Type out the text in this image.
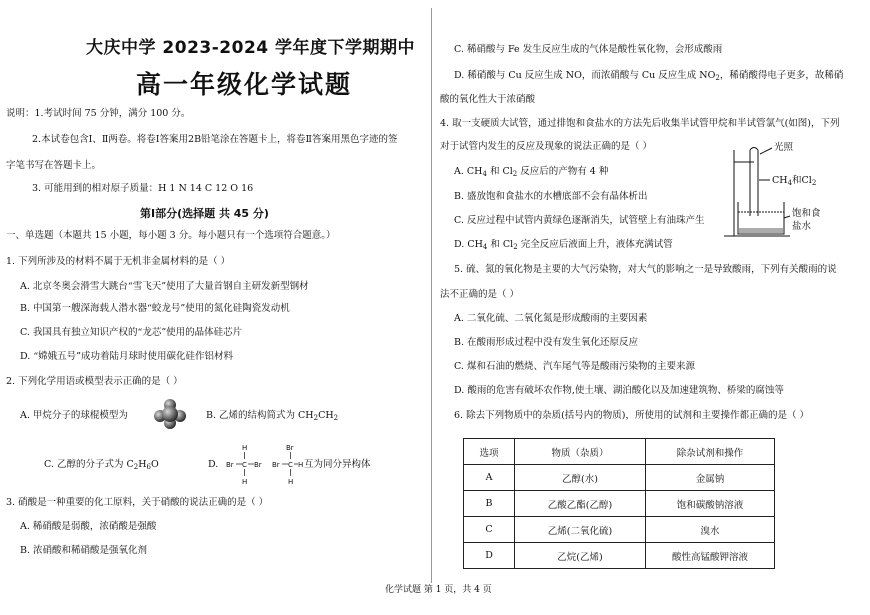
大庆中学 2023-2024 学年度下学期期中
高一年级化学试题
说明：1.考试时间 75 分钟，满分 100 分。
2.本试卷包含Ⅰ、Ⅱ两卷。将卷Ⅰ答案用2B铅笔涂在答题卡上，将卷Ⅱ答案用黑色字迹的签
字笔书写在答题卡上。
3. 可能用到的相对原子质量：H 1 N 14 C 12 O 16
第Ⅰ部分(选择题 共 45 分)
一、单选题（本题共 15 小题，每小题 3 分。每小题只有一个选项符合题意。）
1. 下列所涉及的材料不属于无机非金属材料的是（ ）
A. 北京冬奥会滑雪大跳台“雪飞天”使用了大量首钢自主研发新型钢材
B. 中国第一艘深海载人潜水器“蛟龙号”使用的氮化硅陶瓷发动机
C. 我国具有独立知识产权的“龙芯”使用的晶体硅芯片
D. “嫦娥五号”成功着陆月球时使用碳化硅作铝材料
2. 下列化学用语或模型表示正确的是（ ）
A. 甲烷分子的球棍模型为	B. 乙烯的结构简式为 $CH_2CH_2$
C. 乙醇的分子式为 $C_2H_6O$	D. Br C Br
H
H
Br C H
Br
H
互为同分异构体
3. 硝酸是一种重要的化工原料，关于硝酸的说法正确的是（ ）
A. 稀硝酸是弱酸，浓硝酸是强酸
B. 浓硝酸和稀硝酸是强氧化剂
C. 稀硝酸与 Fe 发生反应生成的气体是酸性氧化物，会形成酸雨
D. 稀硝酸与 Cu 反应生成 NO，而浓硝酸与 Cu 反应生成 $NO_2$，稀硝酸得电子更多，故稀硝
酸的氧化性大于浓硝酸
4. 取一支硬质大试管，通过排饱和食盐水的方法先后收集半试管甲烷和半试管氯气(如图)，下列
对于试管内发生的反应及现象的说法正确的是（ ）
A. $CH_4$ 和 $Cl_2$ 反应后的产物有 4 种
B. 盛放饱和食盐水的水槽底部不会有晶体析出
C. 反应过程中试管内黄绿色逐渐消失，试管壁上有油珠产生
D. $CH_4$ 和 $Cl_2$ 完全反应后液面上升，液体充满试管
光照
$CH_4$和$Cl_2$
饱和食
盐水
5. 硫、氮的氧化物是主要的大气污染物，对大气的影响之一是导致酸雨，下列有关酸雨的说
法不正确的是（ ）
A. 二氧化硫、二氧化氮是形成酸雨的主要因素
B. 在酸雨形成过程中没有发生氧化还原反应
C. 煤和石油的燃烧、汽车尾气等是酸雨污染物的主要来源
D. 酸雨的危害有破坏农作物,使土壤、湖泊酸化以及加速建筑物、桥梁的腐蚀等
6. 除去下列物质中的杂质(括号内的物质)，所使用的试剂和主要操作都正确的是（ ）
选项	物质（杂质）	除杂试剂和操作
A	乙醇(水)	金属钠
B	乙酸乙酯(乙醇)	饱和碳酸钠溶液
C	乙烯(二氧化硫)	溴水
D	乙烷(乙烯)	酸性高锰酸钾溶液
化学试题 第 1 页，共 4 页
